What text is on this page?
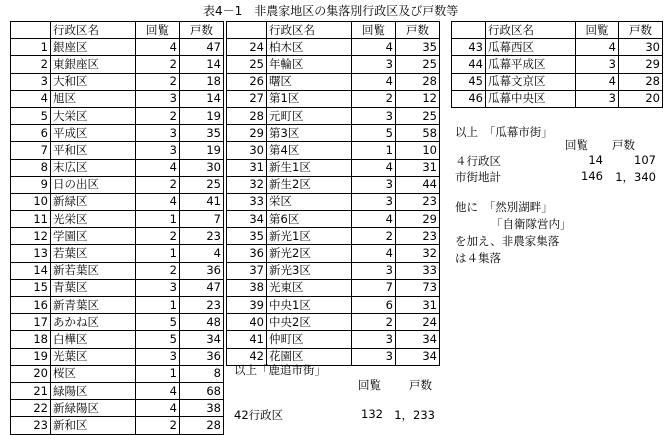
表4－1　非農家地区の集落別行政区及び戸数等
	行政区名	回覧	戸数
1	銀座区	4	47
2	東銀座区	2	14
3	大和区	2	18
4	旭区	3	14
5	大栄区	2	19
6	平成区	3	35
7	平和区	3	19
8	末広区	4	30
9	日の出区	2	25
10	新緑区	4	41
11	光栄区	1	7
12	学園区	2	23
13	若葉区	1	4
14	新若葉区	2	36
15	青葉区	3	47
16	新青葉区	1	23
17	あかね区	5	48
18	白樺区	5	34
19	光葉区	3	36
20	桜区	1	8
21	緑陽区	4	68
22	新緑陽区	4	38
23	新和区	2	28
	行政区名	回覧	戸数
24	柏木区	4	35
25	年輪区	3	25
26	曙区	4	28
27	第1区	2	12
28	元町区	3	25
29	第3区	5	58
30	第4区	1	10
31	新生1区	4	31
32	新生2区	3	44
33	栄区	3	23
34	第6区	4	29
35	新光1区	2	23
36	新光2区	4	32
37	新光3区	3	33
38	光東区	7	73
39	中央1区	6	31
40	中央2区	2	24
41	仲町区	3	34
42	花園区	3	34
	行政区名	回覧	戸数
43	瓜幕西区	4	30
44	瓜幕平成区	3	29
45	瓜幕文京区	4	28
46	瓜幕中央区	3	20
以上　「瓜幕市街」
回覧 戸数
４行政区	14	107
市街地計	146	1，340
他に　「然別湖畔」
「自衛隊営内」
を加え、非農家集落
は４集落
以上「鹿追市街」
回覧 戸数
42行政区	132 1，233
